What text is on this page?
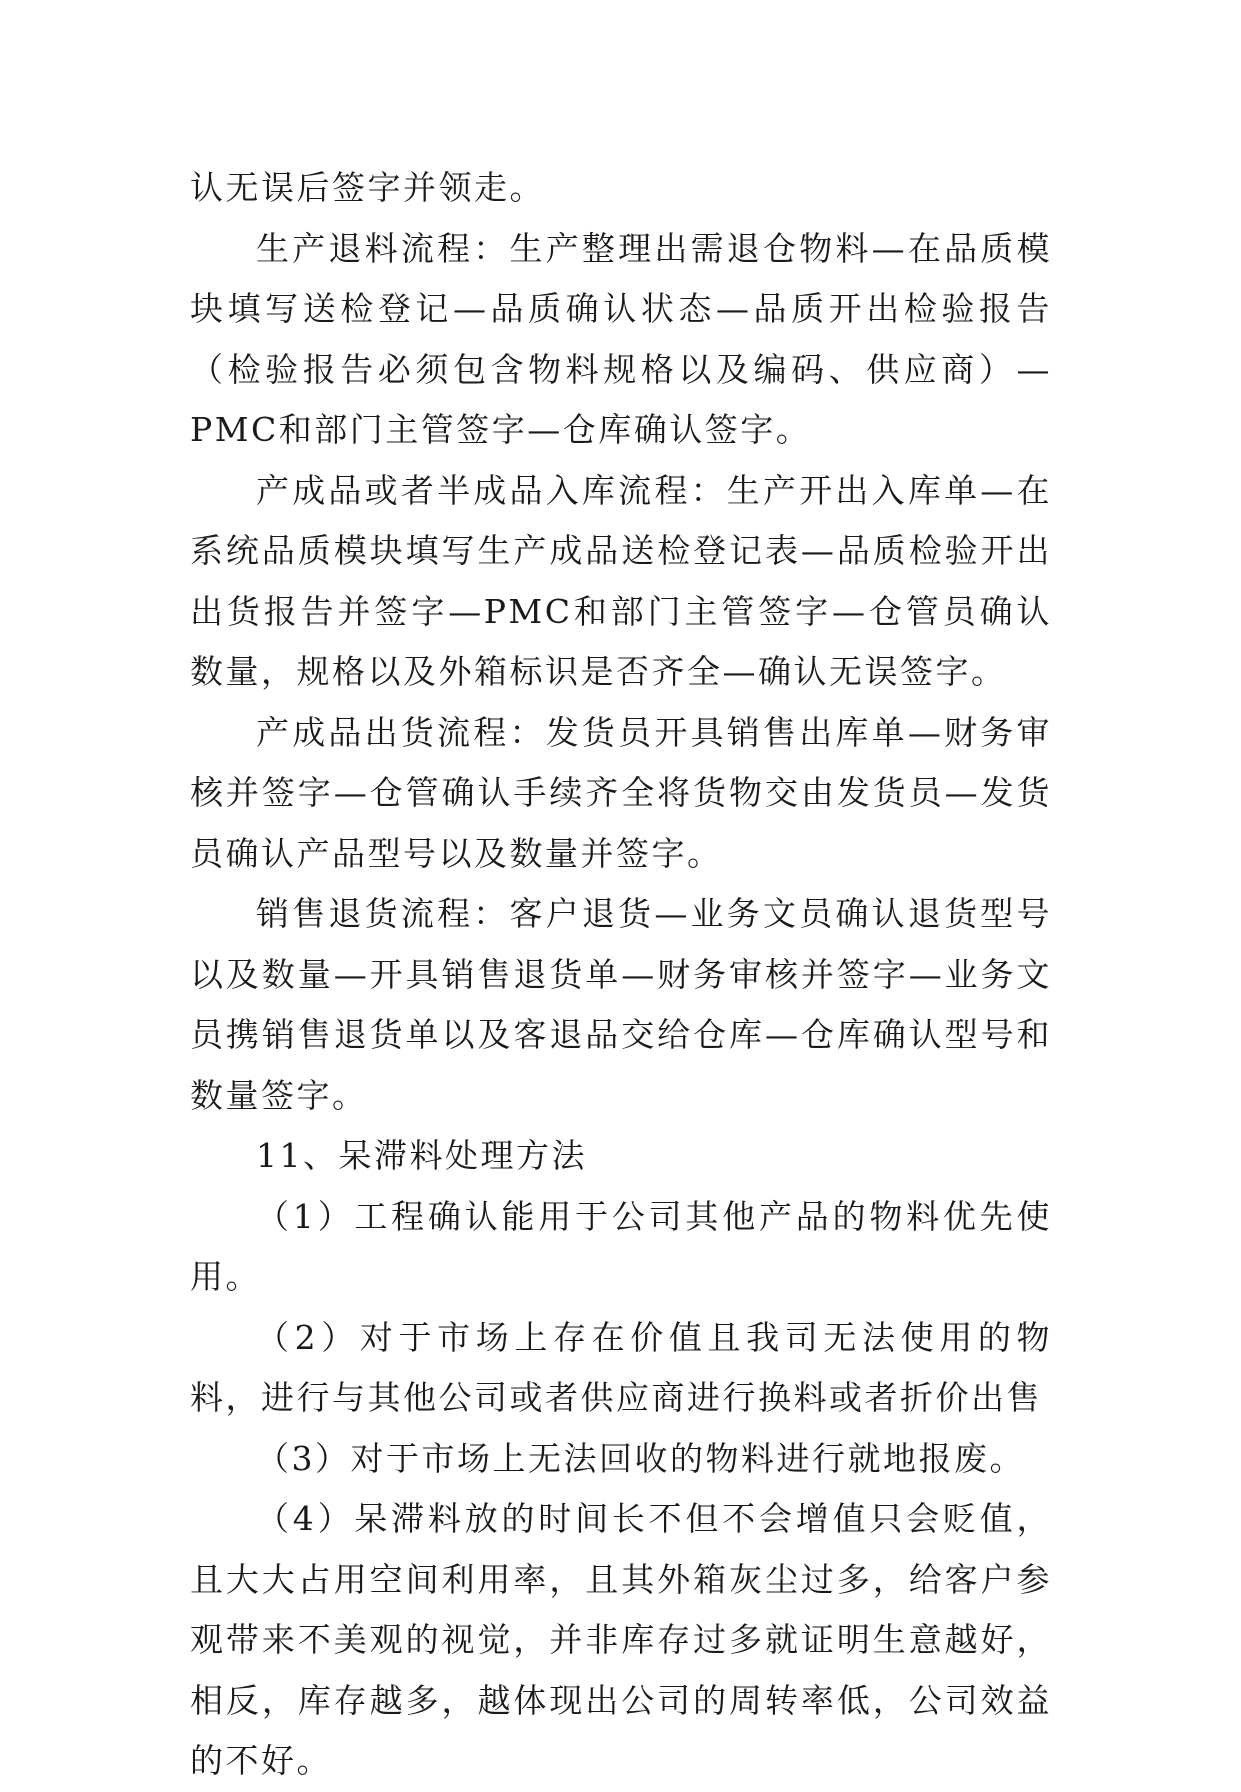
认无误后签字并领走。

生产退料流程：生产整理出需退仓物料—在品质模块填写送检登记—品质确认状态—品质开出检验报告（检验报告必须包含物料规格以及编码、供应商）—PMC和部门主管签字—仓库确认签字。

产成品或者半成品入库流程：生产开出入库单—在系统品质模块填写生产成品送检登记表—品质检验开出出货报告并签字—PMC和部门主管签字—仓管员确认数量，规格以及外箱标识是否齐全—确认无误签字。

产成品出货流程：发货员开具销售出库单—财务审核并签字—仓管确认手续齐全将货物交由发货员—发货员确认产品型号以及数量并签字。

销售退货流程：客户退货—业务文员确认退货型号以及数量—开具销售退货单—财务审核并签字—业务文员携销售退货单以及客退品交给仓库—仓库确认型号和数量签字。

11、呆滞料处理方法

（1）工程确认能用于公司其他产品的物料优先使用。

（2）对于市场上存在价值且我司无法使用的物料，进行与其他公司或者供应商进行换料或者折价出售

（3）对于市场上无法回收的物料进行就地报废。

（4）呆滞料放的时间长不但不会增值只会贬值，且大大占用空间利用率，且其外箱灰尘过多，给客户参观带来不美观的视觉，并非库存过多就证明生意越好，相反，库存越多，越体现出公司的周转率低，公司效益的不好。
